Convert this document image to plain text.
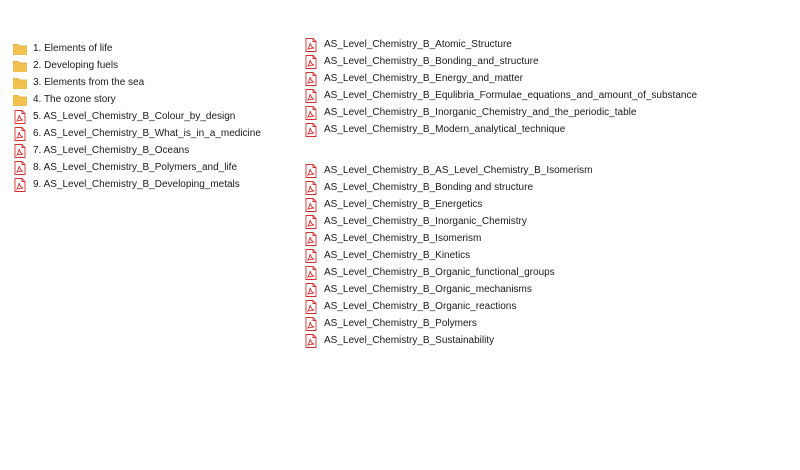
1. Elements of life
2. Developing fuels
3. Elements from the sea
4. The ozone story
5. AS_Level_Chemistry_B_Colour_by_design
6. AS_Level_Chemistry_B_What_is_in_a_medicine
7. AS_Level_Chemistry_B_Oceans
8. AS_Level_Chemistry_B_Polymers_and_life
9. AS_Level_Chemistry_B_Developing_metals
AS_Level_Chemistry_B_Atomic_Structure
AS_Level_Chemistry_B_Bonding_and_structure
AS_Level_Chemistry_B_Energy_and_matter
AS_Level_Chemistry_B_Equlibria_Formulae_equations_and_amount_of_substance
AS_Level_Chemistry_B_Inorganic_Chemistry_and_the_periodic_table
AS_Level_Chemistry_B_Modern_analytical_technique
AS_Level_Chemistry_B_AS_Level_Chemistry_B_Isomerism
AS_Level_Chemistry_B_Bonding and structure
AS_Level_Chemistry_B_Energetics
AS_Level_Chemistry_B_Inorganic_Chemistry
AS_Level_Chemistry_B_Isomerism
AS_Level_Chemistry_B_Kinetics
AS_Level_Chemistry_B_Organic_functional_groups
AS_Level_Chemistry_B_Organic_mechanisms
AS_Level_Chemistry_B_Organic_reactions
AS_Level_Chemistry_B_Polymers
AS_Level_Chemistry_B_Sustainability
